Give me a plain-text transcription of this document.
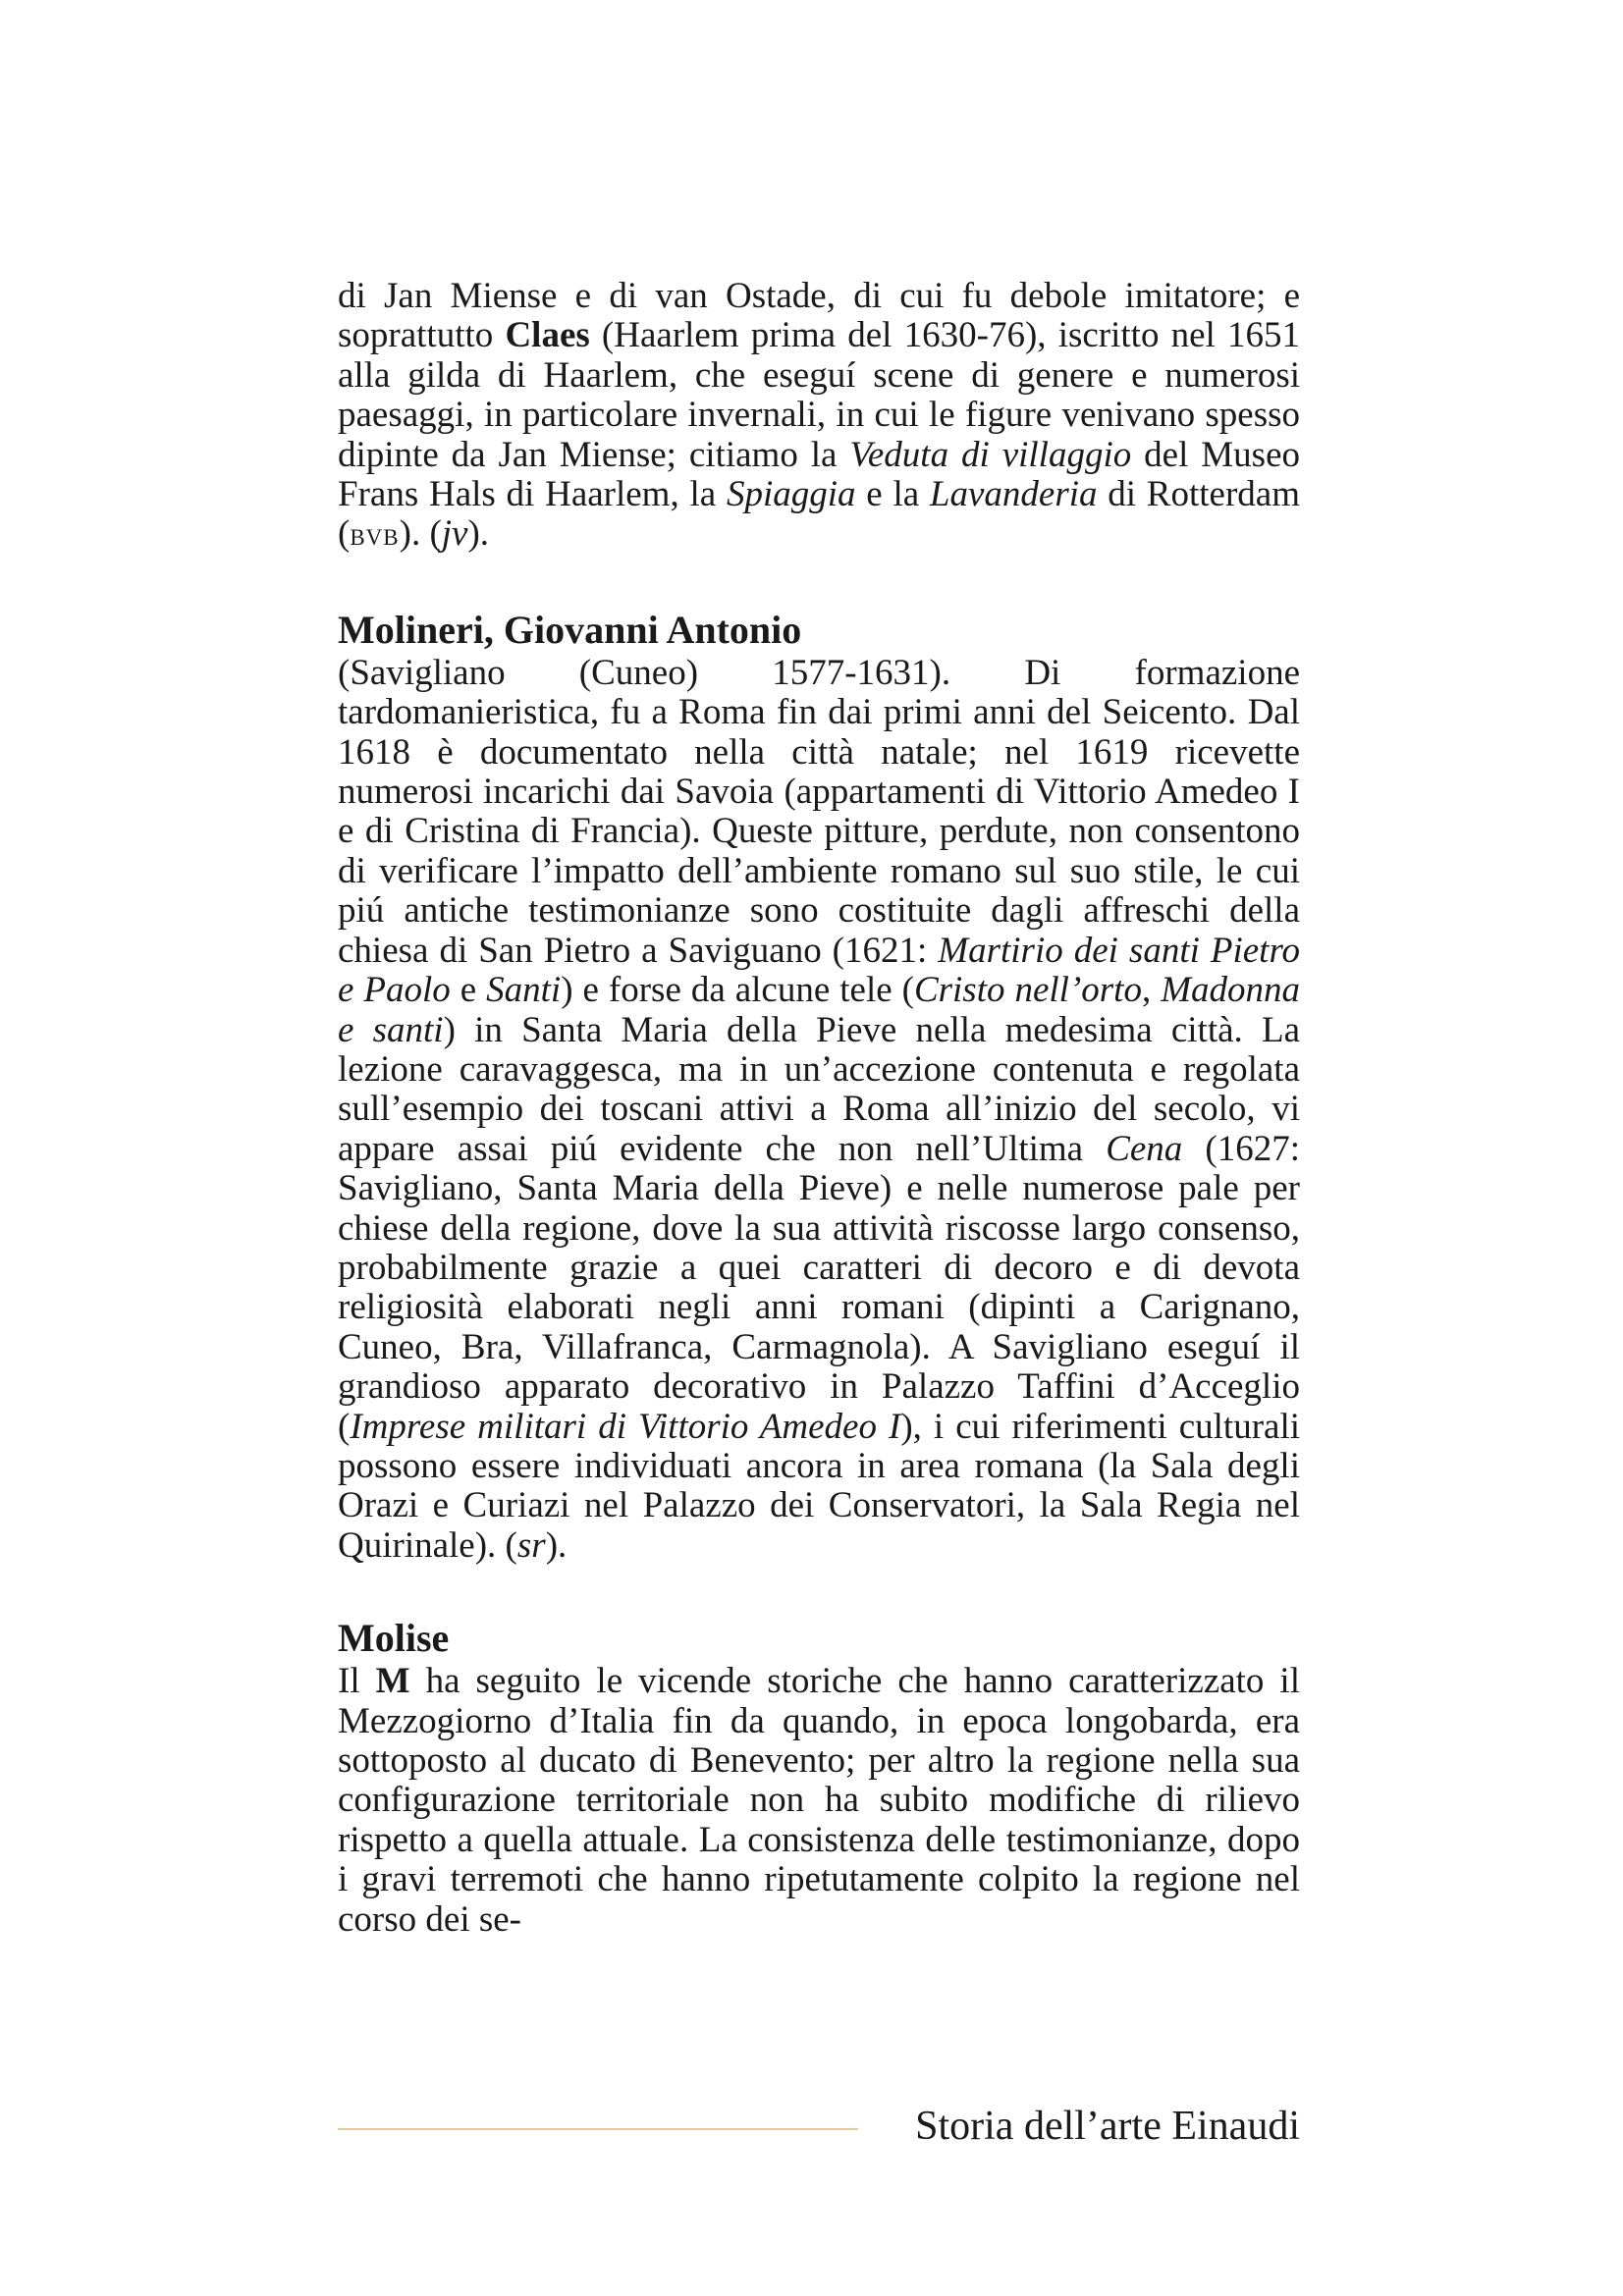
di Jan Miense e di van Ostade, di cui fu debole imitatore; e soprattutto Claes (Haarlem prima del 1630-76), iscritto nel 1651 alla gilda di Haarlem, che eseguí scene di genere e numerosi paesaggi, in particolare invernali, in cui le figure venivano spesso dipinte da Jan Miense; citiamo la Veduta di villaggio del Museo Frans Hals di Haarlem, la Spiaggia e la Lavanderia di Rotterdam (bvb). (jv).

Molineri, Giovanni Antonio

(Savigliano (Cuneo) 1577-1631). Di formazione tardomanieristica, fu a Roma fin dai primi anni del Seicento. Dal 1618 è documentato nella città natale; nel 1619 ricevette numerosi incarichi dai Savoia (appartamenti di Vittorio Amedeo I e di Cristina di Francia). Queste pitture, perdute, non consentono di verificare l’impatto dell’ambiente romano sul suo stile, le cui piú antiche testimonianze sono costituite dagli affreschi della chiesa di San Pietro a Saviguano (1621: Martirio dei santi Pietro e Paolo e Santi) e forse da alcune tele (Cristo nell’orto, Madonna e santi) in Santa Maria della Pieve nella medesima città. La lezione caravaggesca, ma in un’accezione contenuta e regolata sull’esempio dei toscani attivi a Roma all’inizio del secolo, vi appare assai piú evidente che non nell’Ultima Cena (1627: Savigliano, Santa Maria della Pieve) e nelle numerose pale per chiese della regione, dove la sua attività riscosse largo consenso, probabilmente grazie a quei caratteri di decoro e di devota religiosità elaborati negli anni romani (dipinti a Carignano, Cuneo, Bra, Villafranca, Carmagnola). A Savigliano eseguí il grandioso apparato decorativo in Palazzo Taffini d’Acceglio (Imprese militari di Vittorio Amedeo I), i cui riferimenti culturali possono essere individuati ancora in area romana (la Sala degli Orazi e Curiazi nel Palazzo dei Conservatori, la Sala Regia nel Quirinale). (sr).

Molise

Il M ha seguito le vicende storiche che hanno caratterizzato il Mezzogiorno d’Italia fin da quando, in epoca longobarda, era sottoposto al ducato di Benevento; per altro la regione nella sua configurazione territoriale non ha subito modifiche di rilievo rispetto a quella attuale. La consistenza delle testimonianze, dopo i gravi terremoti che hanno ripetutamente colpito la regione nel corso dei se-

Storia dell’arte Einaudi
